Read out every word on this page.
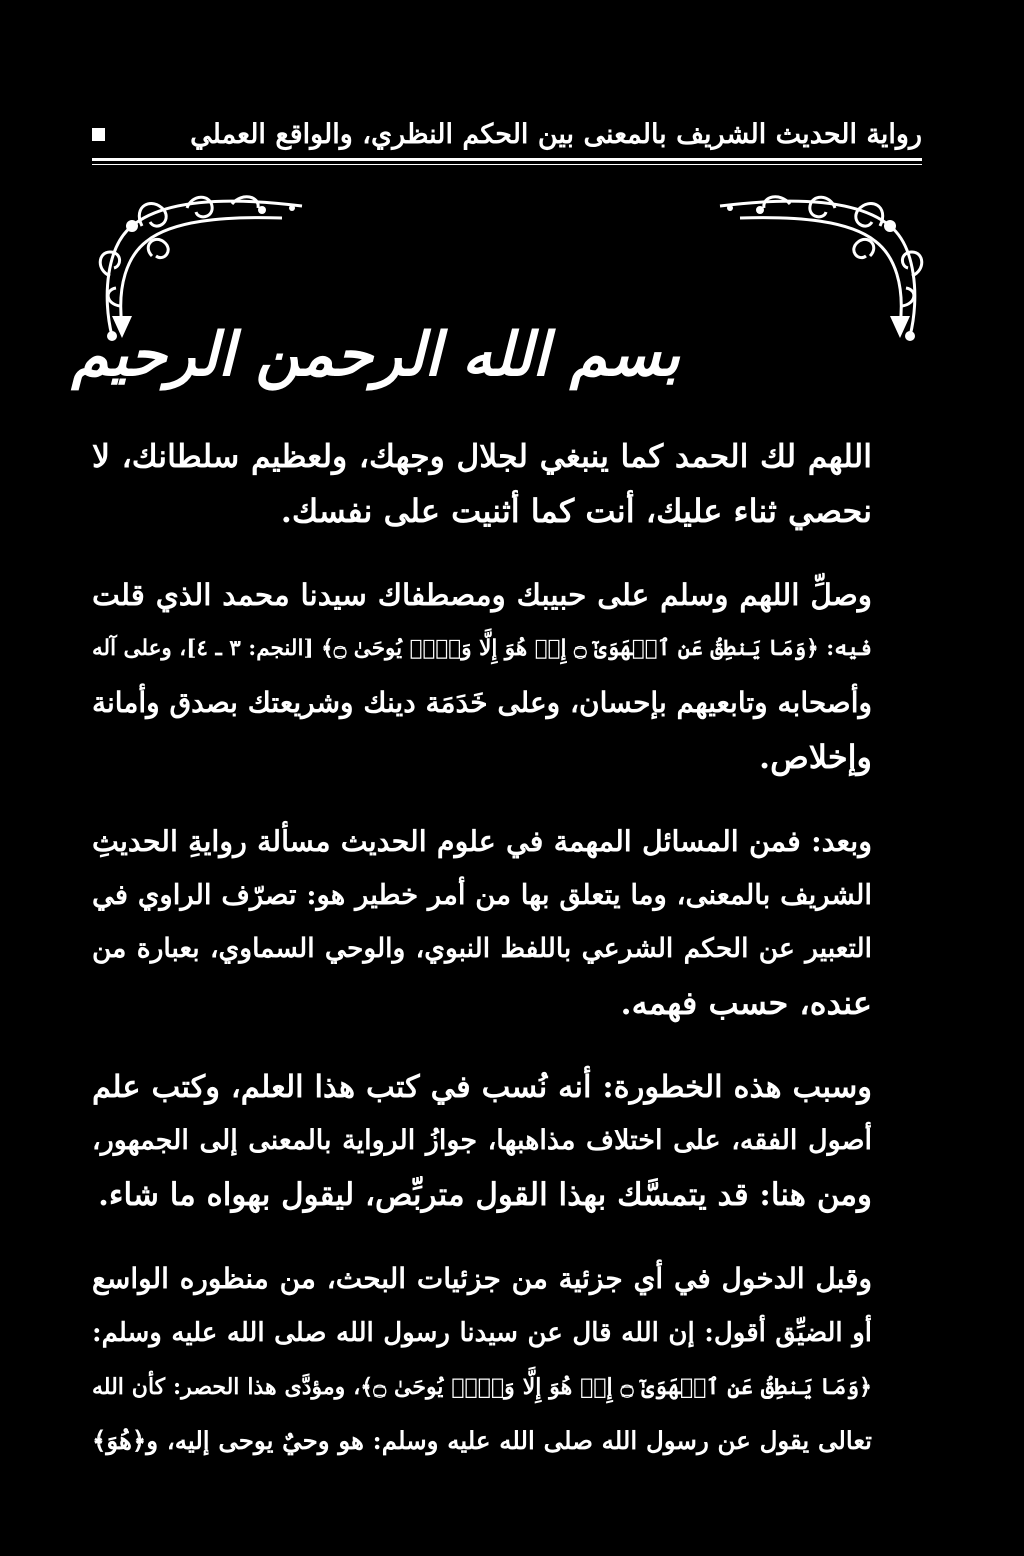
روایة الحدیث الشریف بالمعنی بین الحکم النظري، والواقع العملي
بسم الله الرحمن الرحیم

اللهم لك الحمد كما ینبغي لجلال وجهك، ولعظیم سلطانك، لا
نحصي ثناء علیك، أنت كما أثنیت على نفسك.

وصلِّ اللهم وسلم على حبیبك ومصطفاك سیدنا محمد الذي قلت
فیه: ﴿وَمَا یَنطِقُ عَنِ ٱلۡهَوَىٰٓ ۝ إِنۡ هُوَ إِلَّا وَحۡيٞ یُوحَىٰ ۝﴾ [النجم: ٣ ـ ٤]، وعلى آله
وأصحابه وتابعیهم بإحسان، وعلى خَدَمَة دینك وشریعتك بصدق وأمانة
وإخلاص.

وبعد: فمن المسائل المهمة في علوم الحدیث مسألة روایةِ الحدیثِ
الشریف بالمعنى، وما یتعلق بها من أمر خطیر هو: تصرّف الراوي في
التعبیر عن الحكم الشرعي باللفظ النبوي، والوحي السماوي، بعبارة من
عنده، حسب فهمه.

وسبب هذه الخطورة: أنه نُسب في كتب هذا العلم، وكتب علم
أصول الفقه، على اختلاف مذاهبها، جوازُ الروایة بالمعنى إلى الجمهور،
ومن هنا: قد یتمسَّك بهذا القول متربِّص، لیقول بهواه ما شاء.

وقبل الدخول في أي جزئیة من جزئیات البحث، من منظوره الواسع
أو الضیِّق أقول: إن الله قال عن سیدنا رسول الله صلى الله علیه وسلم:
﴿وَمَا یَنطِقُ عَنِ ٱلۡهَوَىٰٓ ۝ إِنۡ هُوَ إِلَّا وَحۡيٞ یُوحَىٰ ۝﴾، ومؤدَّى هذا الحصر: كأن الله
تعالى یقول عن رسول الله صلى الله علیه وسلم: هو وحيٌ یوحى إلیه، و﴿هُوَ﴾
